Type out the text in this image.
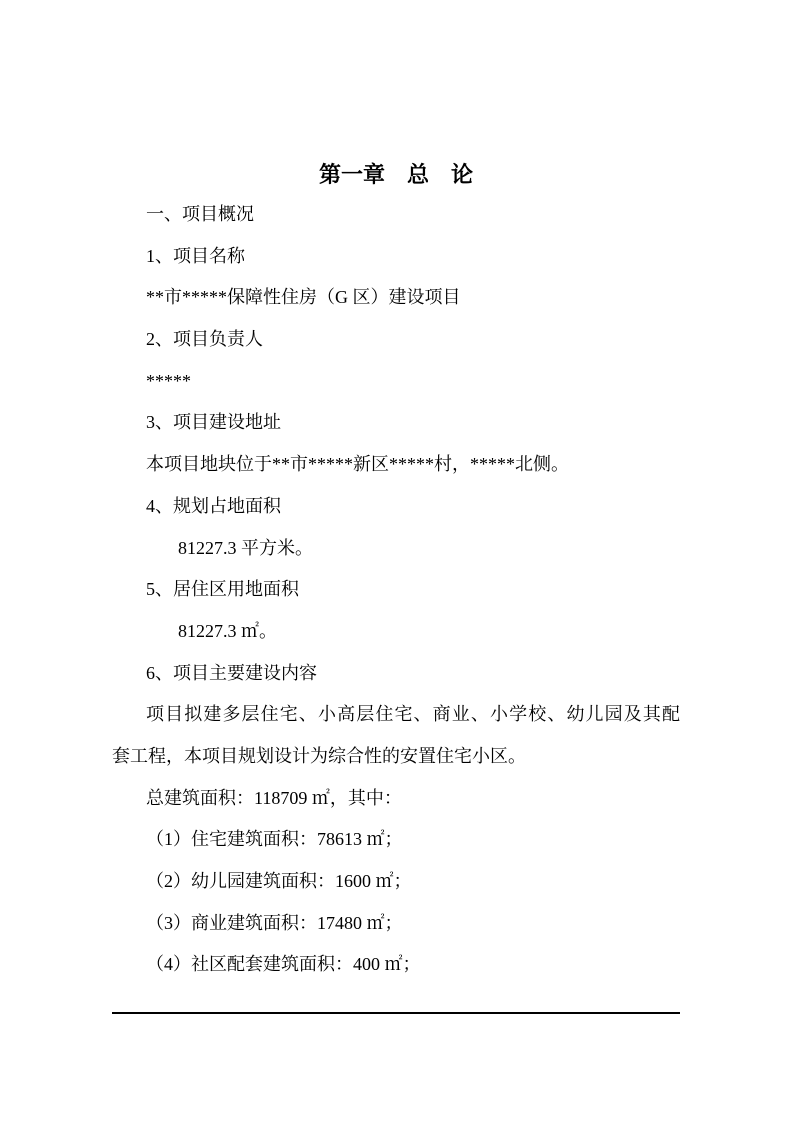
第一章　总　论
一、项目概况
1、项目名称
**市*****保障性住房（G 区）建设项目
2、项目负责人
*****
3、项目建设地址
本项目地块位于**市*****新区*****村，*****北侧。
4、规划占地面积
81227.3 平方米。
5、居住区用地面积
81227.3 ㎡。
6、项目主要建设内容
项目拟建多层住宅、小高层住宅、商业、小学校、幼儿园及其配
套工程，本项目规划设计为综合性的安置住宅小区。
总建筑面积：118709 ㎡，其中：
（1）住宅建筑面积：78613 ㎡；
（2）幼儿园建筑面积：1600 ㎡；
（3）商业建筑面积：17480 ㎡；
（4）社区配套建筑面积：400 ㎡；
